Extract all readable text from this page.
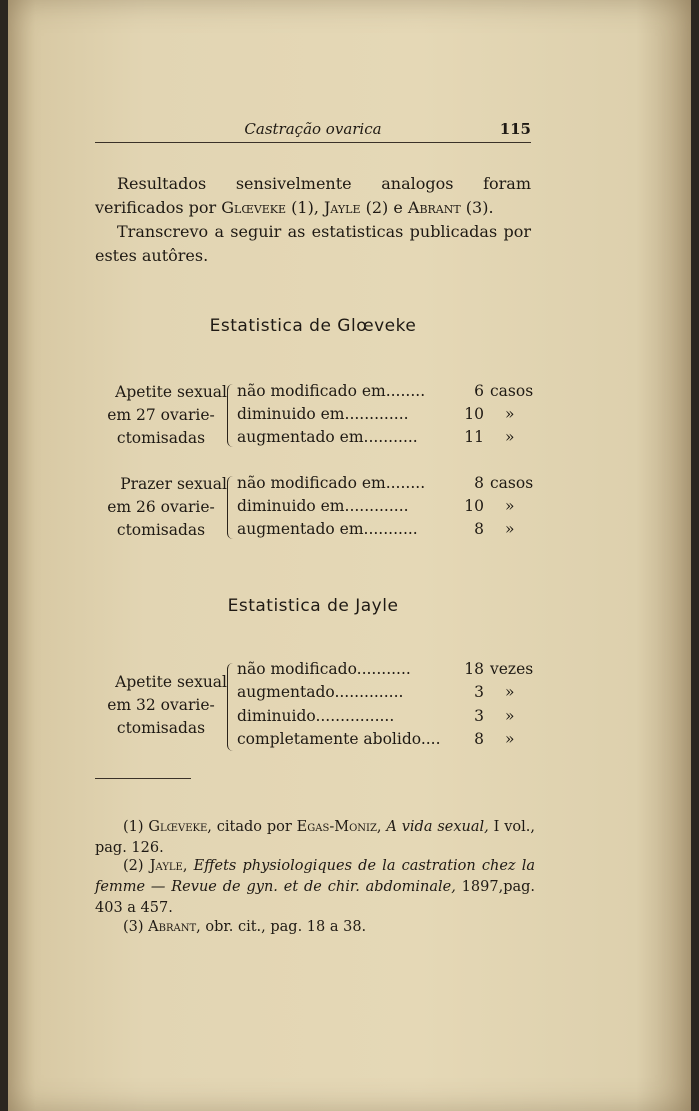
Castração ovarica	115
Resultados sensivelmente analogos foram verificados por Glœveke (1), Jayle (2) e Abrant (3).
Transcrevo a seguir as estatisticas publicadas por estes autôres.
Estatistica de Glœveke
Apetite sexual
em 27 ovarie-
ctomisadas
não modificado em........	6 casos
diminuido em.............	10 »
augmentado em...........	11 »
Prazer sexual
em 26 ovarie-
ctomisadas
não modificado em........	8 casos
diminuido em.............	10 »
augmentado em...........	8 »
Estatistica de Jayle
Apetite sexual
em 32 ovarie-
ctomisadas
não modificado...........	18 vezes
augmentado..............	3 »
diminuido................	3 »
completamente abolido....	8 »
(1) Glœveke, citado por Egas-Moniz, A vida sexual, I vol., pag. 126.
(2) Jayle, Effets physiologiques de la castration chez la femme — Revue de gyn. et de chir. abdominale, 1897,pag. 403 a 457.
(3) Abrant, obr. cit., pag. 18 a 38.
